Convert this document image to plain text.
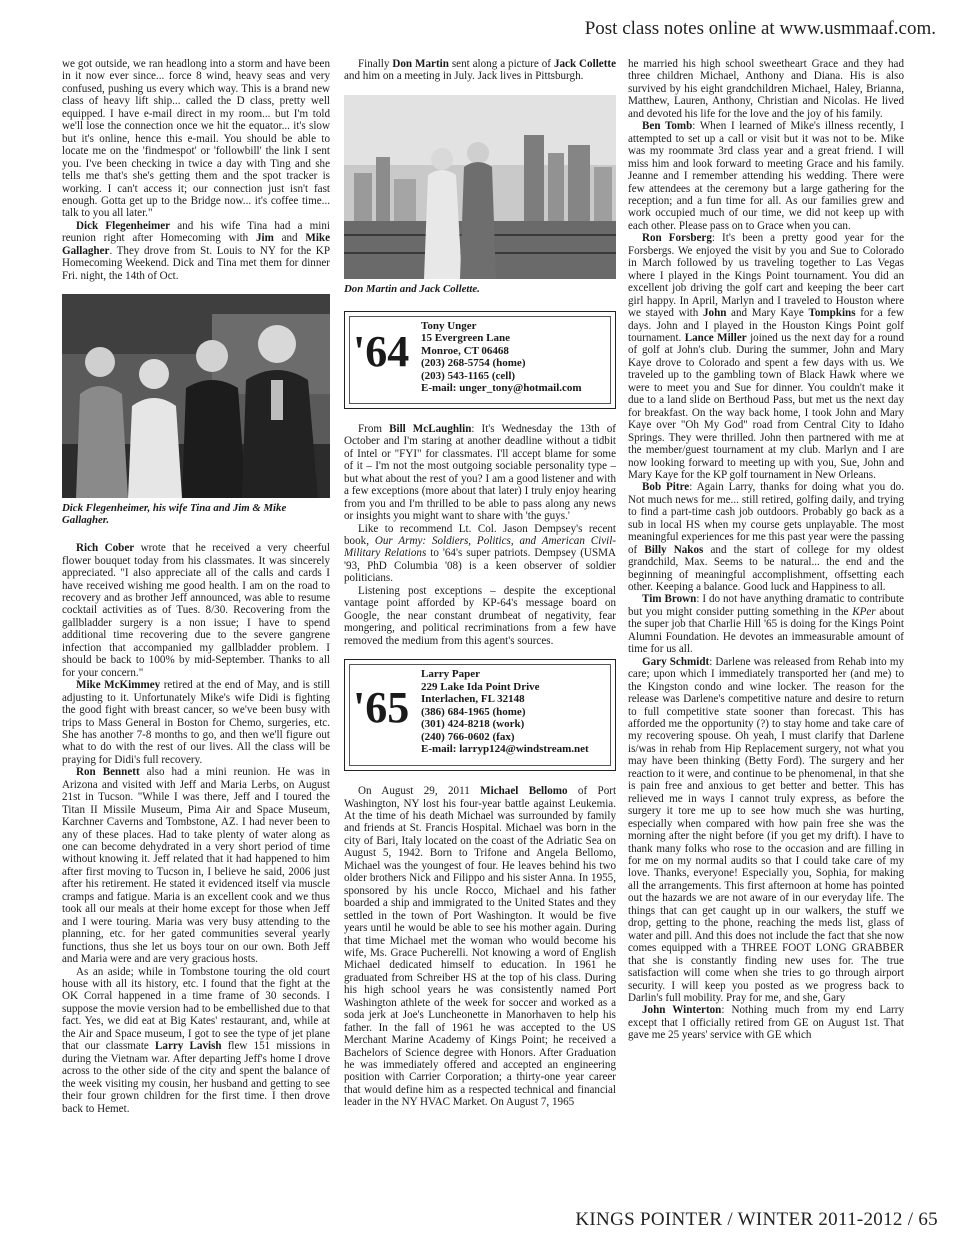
Post class notes online at www.usmmaaf.com.

we got outside, we ran headlong into a storm and have been in it now ever since... force 8 wind, heavy seas and very confused, pushing us every which way. This is a brand new class of heavy lift ship... called the D class, pretty well equipped. I have e-mail direct in my room... but I'm told we'll lose the connection once we hit the equator... it's slow but it's online, hence this e-mail. You should be able to locate me on the 'findmespot' or 'followbill' the link I sent you. I've been checking in twice a day with Ting and she tells me that's she's getting them and the spot tracker is working. I can't access it; our connection just isn't fast enough. Gotta get up to the Bridge now... it's coffee time... talk to you all later."

Dick Flegenheimer and his wife Tina had a mini reunion right after Homecoming with Jim and Mike Gallagher. They drove from St. Louis to NY for the KP Homecoming Weekend. Dick and Tina met them for dinner Fri. night, the 14th of Oct.

Dick Flegenheimer, his wife Tina and Jim & Mike Gallagher.

Rich Cober wrote that he received a very cheerful flower bouquet today from his classmates. It was sincerely appreciated. "I also appreciate all of the calls and cards I have received wishing me good health. I am on the road to recovery and as brother Jeff announced, was able to resume cocktail activities as of Tues. 8/30. Recovering from the gallbladder surgery is a non issue; I have to spend additional time recovering due to the severe gangrene infection that accompanied my gallbladder problem. I should be back to 100% by mid-September. Thanks to all for your concern."

Mike McKimmey retired at the end of May, and is still adjusting to it. Unfortunately Mike's wife Didi is fighting the good fight with breast cancer, so we've been busy with trips to Mass General in Boston for Chemo, surgeries, etc. She has another 7-8 months to go, and then we'll figure out what to do with the rest of our lives. All the class will be praying for Didi's full recovery.

Ron Bennett also had a mini reunion. He was in Arizona and visited with Jeff and Maria Lerbs, on August 21st in Tucson. "While I was there, Jeff and I toured the Titan II Missile Museum, Pima Air and Space Museum, Karchner Caverns and Tombstone, AZ. I had never been to any of these places. Had to take plenty of water along as one can become dehydrated in a very short period of time without knowing it. Jeff related that it had happened to him after first moving to Tucson in, I believe he said, 2006 just after his retirement. He stated it evidenced itself via muscle cramps and fatigue. Maria is an excellent cook and we thus took all our meals at their home except for those when Jeff and I were touring. Maria was very busy attending to the planning, etc. for her gated communities several yearly functions, thus she let us boys tour on our own. Both Jeff and Maria were and are very gracious hosts.

As an aside; while in Tombstone touring the old court house with all its history, etc. I found that the fight at the OK Corral happened in a time frame of 30 seconds. I suppose the movie version had to be embellished due to that fact. Yes, we did eat at Big Kates' restaurant, and, while at the Air and Space museum, I got to see the type of jet plane that our classmate Larry Lavish flew 151 missions in during the Vietnam war. After departing Jeff's home I drove across to the other side of the city and spent the balance of the week visiting my cousin, her husband and getting to see their four grown children for the first time. I then drove back to Hemet.

Finally Don Martin sent along a picture of Jack Collette and him on a meeting in July. Jack lives in Pittsburgh.

Don Martin and Jack Collette.
'64
Tony Unger
15 Evergreen Lane
Monroe, CT 06468
(203) 268-5754 (home)
(203) 543-1165 (cell)
E-mail: unger_tony@hotmail.com

From Bill McLaughlin: It's Wednesday the 13th of October and I'm staring at another deadline without a tidbit of Intel or "FYI" for classmates. I'll accept blame for some of it – I'm not the most outgoing sociable personality type – but what about the rest of you? I am a good listener and with a few exceptions (more about that later) I truly enjoy hearing from you and I'm thrilled to be able to pass along any news or insights you might want to share with 'the guys.'

Like to recommend Lt. Col. Jason Dempsey's recent book, Our Army: Soldiers, Politics, and American Civil-Military Relations to '64's super patriots. Dempsey (USMA '93, PhD Columbia '08) is a keen observer of soldier politicians.

Listening post exceptions – despite the exceptional vantage point afforded by KP-64's message board on Google, the near constant drumbeat of negativity, fear mongering, and political recriminations from a few have removed the medium from this agent's sources.

'65
Larry Paper
229 Lake Ida Point Drive
Interlachen, FL 32148
(386) 684-1965 (home)
(301) 424-8218 (work)
(240) 766-0602 (fax)
E-mail: larryp124@windstream.net

On August 29, 2011 Michael Bellomo of Port Washington, NY lost his four-year battle against Leukemia. At the time of his death Michael was surrounded by family and friends at St. Francis Hospital. Michael was born in the city of Bari, Italy located on the coast of the Adriatic Sea on August 5, 1942. Born to Trifone and Angela Bellomo, Michael was the youngest of four. He leaves behind his two older brothers Nick and Filippo and his sister Anna. In 1955, sponsored by his uncle Rocco, Michael and his father boarded a ship and immigrated to the United States and they settled in the town of Port Washington. It would be five years until he would be able to see his mother again. During that time Michael met the woman who would become his wife, Ms. Grace Pucherelli. Not knowing a word of English Michael dedicated himself to education. In 1961 he graduated from Schreiber HS at the top of his class. During his high school years he was consistently named Port Washington athlete of the week for soccer and worked as a soda jerk at Joe's Luncheonette in Manorhaven to help his father. In the fall of 1961 he was accepted to the US Merchant Marine Academy of Kings Point; he received a Bachelors of Science degree with Honors. After Graduation he was immediately offered and accepted an engineering position with Carrier Corporation; a thirty-one year career that would define him as a respected technical and financial leader in the NY HVAC Market. On August 7, 1965

he married his high school sweetheart Grace and they had three children Michael, Anthony and Diana. His is also survived by his eight grandchildren Michael, Haley, Brianna, Matthew, Lauren, Anthony, Christian and Nicolas. He lived and devoted his life for the love and the joy of his family.

Ben Tomb: When I learned of Mike's illness recently, I attempted to set up a call or visit but it was not to be. Mike was my roommate 3rd class year and a great friend. I will miss him and look forward to meeting Grace and his family. Jeanne and I remember attending his wedding. There were few attendees at the ceremony but a large gathering for the reception; and a fun time for all. As our families grew and work occupied much of our time, we did not keep up with each other. Please pass on to Grace when you can.

Ron Forsberg: It's been a pretty good year for the Forsbergs. We enjoyed the visit by you and Sue to Colorado in March followed by us traveling together to Las Vegas where I played in the Kings Point tournament. You did an excellent job driving the golf cart and keeping the beer cart girl happy. In April, Marlyn and I traveled to Houston where we stayed with John and Mary Kaye Tompkins for a few days. John and I played in the Houston Kings Point golf tournament. Lance Miller joined us the next day for a round of golf at John's club. During the summer, John and Mary Kaye drove to Colorado and spent a few days with us. We traveled up to the gambling town of Black Hawk where we were to meet you and Sue for dinner. You couldn't make it due to a land slide on Berthoud Pass, but met us the next day for breakfast. On the way back home, I took John and Mary Kaye over "Oh My God" road from Central City to Idaho Springs. They were thrilled. John then partnered with me at the member/guest tournament at my club. Marlyn and I are now looking forward to meeting up with you, Sue, John and Mary Kaye for the KP golf tournament in New Orleans.

Bob Pitre: Again Larry, thanks for doing what you do. Not much news for me... still retired, golfing daily, and trying to find a part-time cash job outdoors. Probably go back as a sub in local HS when my course gets unplayable. The most meaningful experiences for me this past year were the passing of Billy Nakos and the start of college for my oldest grandchild, Max. Seems to be natural... the end and the beginning of meaningful accomplishment, offsetting each other. Keeping a balance. Good luck and Happiness to all.

Tim Brown: I do not have anything dramatic to contribute but you might consider putting something in the KPer about the super job that Charlie Hill '65 is doing for the Kings Point Alumni Foundation. He devotes an immeasurable amount of time for us all.

Gary Schmidt: Darlene was released from Rehab into my care; upon which I immediately transported her (and me) to the Kingston condo and wine locker. The reason for the release was Darlene's competitive nature and desire to return to full competitive state sooner than forecast. This has afforded me the opportunity (?) to stay home and take care of my recovering spouse. Oh yeah, I must clarify that Darlene is/was in rehab from Hip Replacement surgery, not what you may have been thinking (Betty Ford). The surgery and her reaction to it were, and continue to be phenomenal, in that she is pain free and anxious to get better and better. This has relieved me in ways I cannot truly express, as before the surgery it tore me up to see how much she was hurting, especially when compared with how pain free she was the morning after the night before (if you get my drift). I have to thank many folks who rose to the occasion and are filling in for me on my normal audits so that I could take care of my love. Thanks, everyone! Especially you, Sophia, for making all the arrangements. This first afternoon at home has pointed out the hazards we are not aware of in our everyday life. The things that can get caught up in our walkers, the stuff we drop, getting to the phone, reaching the meds list, glass of water and pill. And this does not include the fact that she now comes equipped with a THREE FOOT LONG GRABBER that she is constantly finding new uses for. The true satisfaction will come when she tries to go through airport security. I will keep you posted as we progress back to Darlin's full mobility. Pray for me, and she, Gary

John Winterton: Nothing much from my end Larry except that I officially retired from GE on August 1st. That gave me 25 years' service with GE which

KINGS POINTER / WINTER 2011-2012 / 65
